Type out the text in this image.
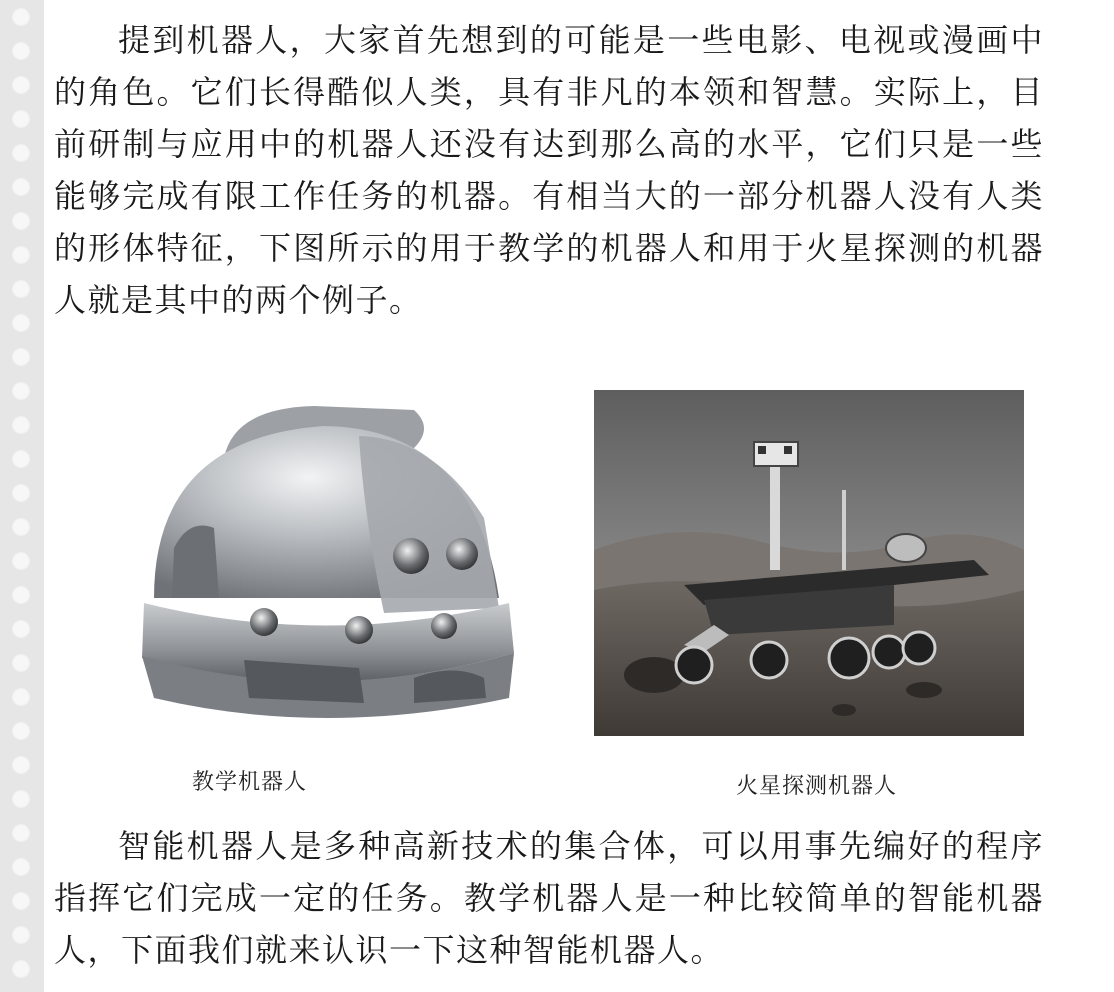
提到机器人，大家首先想到的可能是一些电影、电视或漫画中的角色。它们长得酷似人类，具有非凡的本领和智慧。实际上，目前研制与应用中的机器人还没有达到那么高的水平，它们只是一些能够完成有限工作任务的机器。有相当大的一部分机器人没有人类的形体特征，下图所示的用于教学的机器人和用于火星探测的机器人就是其中的两个例子。

教学机器人	火星探测机器人

智能机器人是多种高新技术的集合体，可以用事先编好的程序指挥它们完成一定的任务。教学机器人是一种比较简单的智能机器人，下面我们就来认识一下这种智能机器人。
